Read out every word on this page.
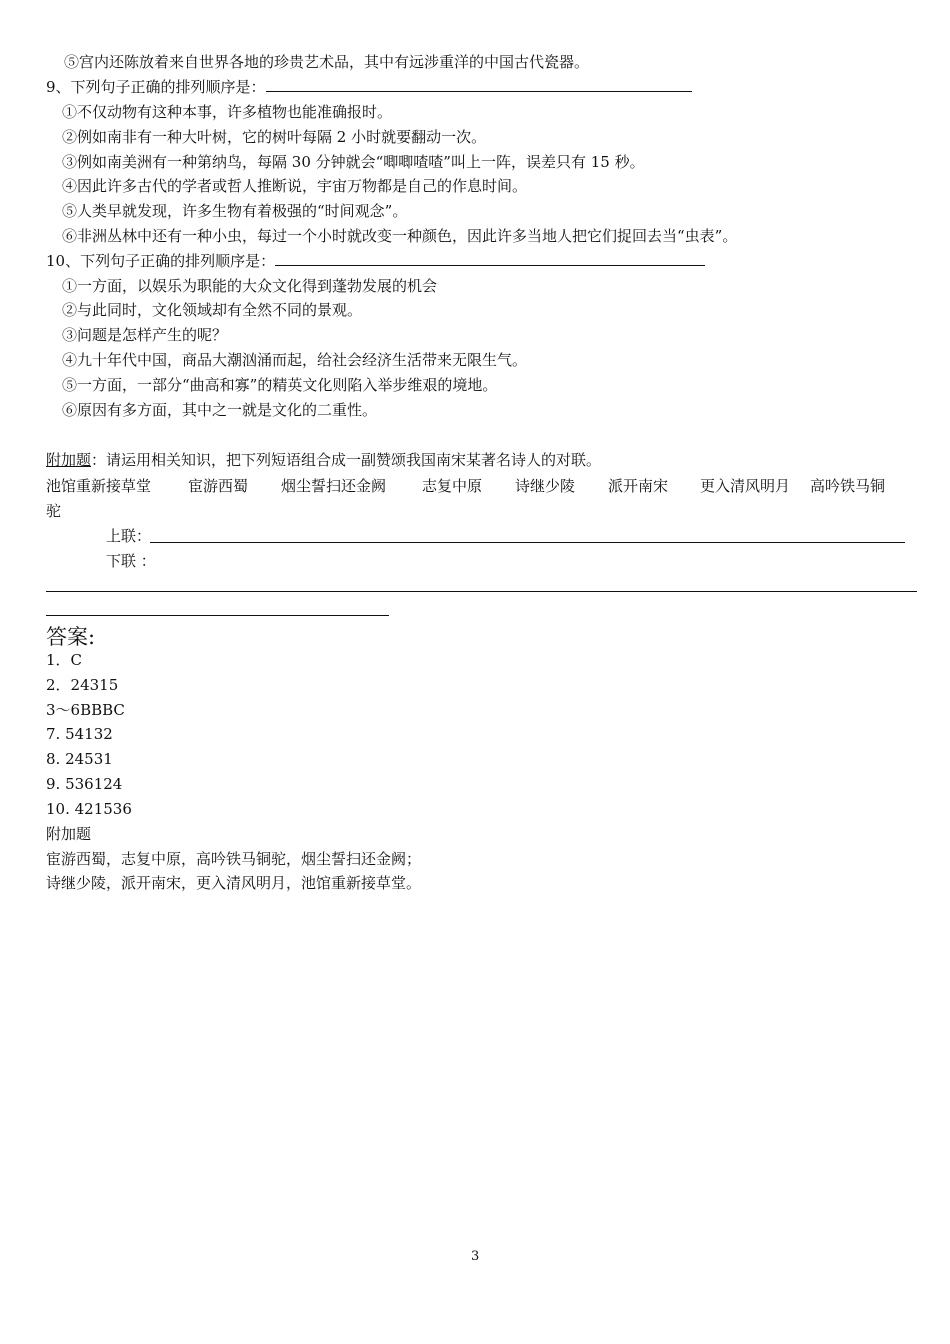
⑤宫内还陈放着来自世界各地的珍贵艺术品，其中有远涉重洋的中国古代瓷器。
9、下列句子正确的排列顺序是：
①不仅动物有这种本事，许多植物也能准确报时。
②例如南非有一种大叶树，它的树叶每隔 2 小时就要翻动一次。
③例如南美洲有一种第纳鸟，每隔 30 分钟就会“唧唧喳喳”叫上一阵，误差只有 15 秒。
④因此许多古代的学者或哲人推断说，宇宙万物都是自己的作息时间。
⑤人类早就发现，许多生物有着极强的“时间观念”。
⑥非洲丛林中还有一种小虫，每过一个小时就改变一种颜色，因此许多当地人把它们捉回去当“虫表”。
10、下列句子正确的排列顺序是：
①一方面，以娱乐为职能的大众文化得到蓬勃发展的机会
②与此同时，文化领域却有全然不同的景观。
③问题是怎样产生的呢？
④九十年代中国，商品大潮汹涌而起，给社会经济生活带来无限生气。
⑤一方面，一部分“曲高和寡”的精英文化则陷入举步维艰的境地。
⑥原因有多方面，其中之一就是文化的二重性。
附加题：请运用相关知识，把下列短语组合成一副赞颂我国南宋某著名诗人的对联。
池馆重新接草堂 宦游西蜀 烟尘誓扫还金阙 志复中原 诗继少陵 派开南宋 更入清风明月 高吟铁马铜
驼
上联：
下联 ：
答案:
1．C
2．24315
3～6BBBC
7. 54132
8. 24531
9. 536124
10. 421536
附加题
宦游西蜀，志复中原，高吟铁马铜驼，烟尘誓扫还金阙；
诗继少陵，派开南宋，更入清风明月，池馆重新接草堂。
3
